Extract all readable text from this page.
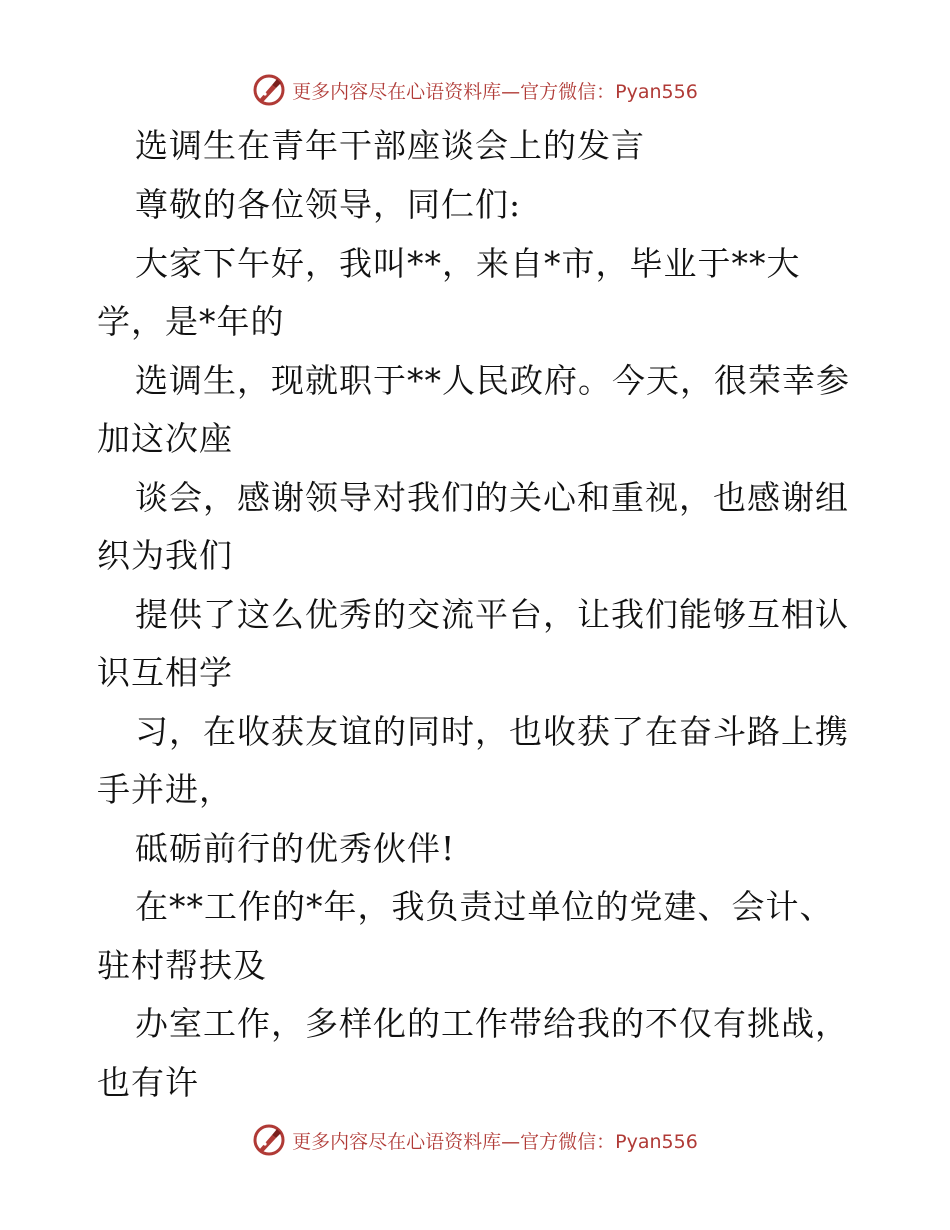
更多内容尽在心语资料库—官方微信：Pyan556
选调生在青年干部座谈会上的发言
尊敬的各位领导，同仁们:
大家下午好，我叫**，来自*市，毕业于**大
学，是*年的
选调生，现就职于**人民政府。今天，很荣幸参
加这次座
谈会，感谢领导对我们的关心和重视，也感谢组
织为我们
提供了这么优秀的交流平台，让我们能够互相认
识互相学
习，在收获友谊的同时，也收获了在奋斗路上携
手并进，
砥砺前行的优秀伙伴!
在**工作的*年，我负责过单位的党建、会计、
驻村帮扶及
办室工作，多样化的工作带给我的不仅有挑战，
也有许
更多内容尽在心语资料库—官方微信：Pyan556
